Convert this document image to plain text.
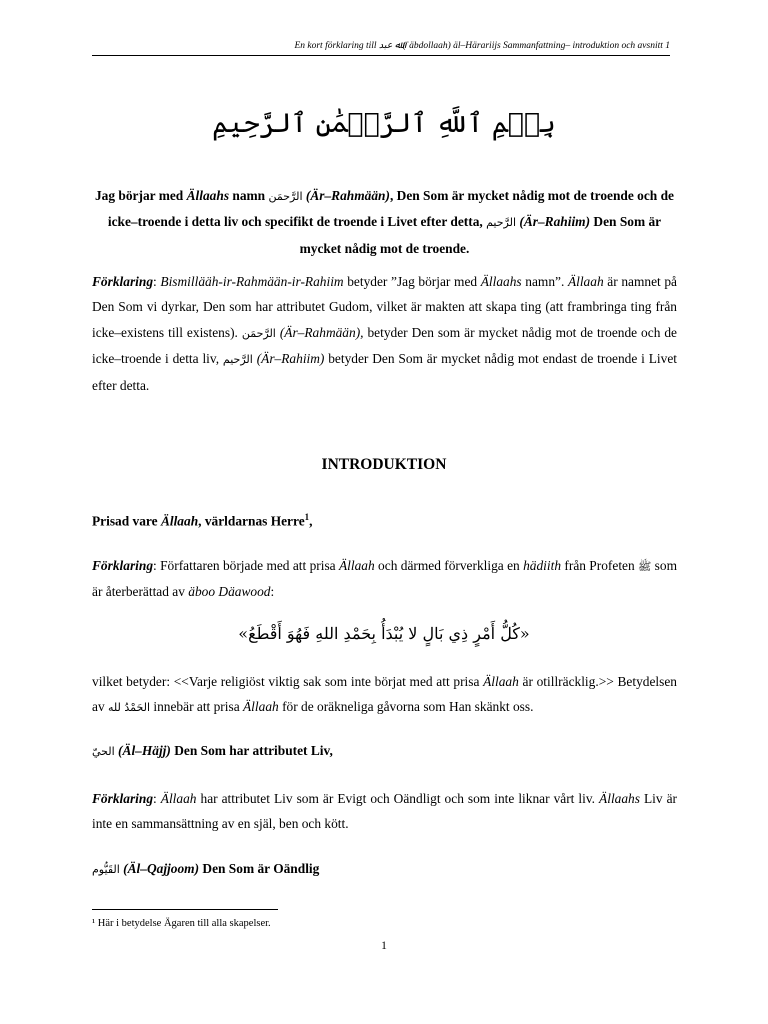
En kort förklaring till ﷲ ﻋﺒﺪ (ʿäbdollaah) äl–Härariijs Sammanfattning– introduktion och avsnitt 1
بِسۡمِ ٱللَّهِ ٱلرَّحۡمَٰنِ ٱلرَّحِيمِ
Jag börjar med Ällaahs namn الرَّحمَن (Är–Rahmään), Den Som är mycket nådig mot de troende och de icke–troende i detta liv och specifikt de troende i Livet efter detta, الرَّحيم (Är–Rahiim) Den Som är mycket nådig mot de troende.
Förklaring: Bismillääh-ir-Rahmään-ir-Rahiim betyder ”Jag börjar med Ällaahs namn”. Ällaah är namnet på Den Som vi dyrkar, Den som har attributet Gudom, vilket är makten att skapa ting (att frambringa ting från icke–existens till existens). الرَّحمَن (Är–Rahmään), betyder Den som är mycket nådig mot de troende och de icke–troende i detta liv, الرَّحيم (Är–Rahiim) betyder Den Som är mycket nådig mot endast de troende i Livet efter detta.
INTRODUKTION
Prisad vare Ällaah, världarnas Herre$^1$,
Förklaring: Författaren började med att prisa Ällaah och därmed förverkliga en hädiith från Profeten ﷺ som är återberättad av äboo Däawood:
«كُلُّ أَمْرٍ ذِي بَالٍ لا يُبْدَأُ بِحَمْدِ اللهِ فَهُوَ أَقْطَعُ»
vilket betyder: <<Varje religiöst viktig sak som inte börjat med att prisa Ällaah är otillräcklig.>> Betydelsen av الحَمْدُ لله innebär att prisa Ällaah för de oräkneliga gåvorna som Han skänkt oss.
الحيّ (Äl–Häjj) Den Som har attributet Liv,
Förklaring: Ällaah har attributet Liv som är Evigt och Oändligt och som inte liknar vårt liv. Ällaahs Liv är inte en sammansättning av en själ, ben och kött.
القَيُّوم (Äl–Qajjoom) Den Som är Oändlig
¹ Här i betydelse Ägaren till alla skapelser.
1
